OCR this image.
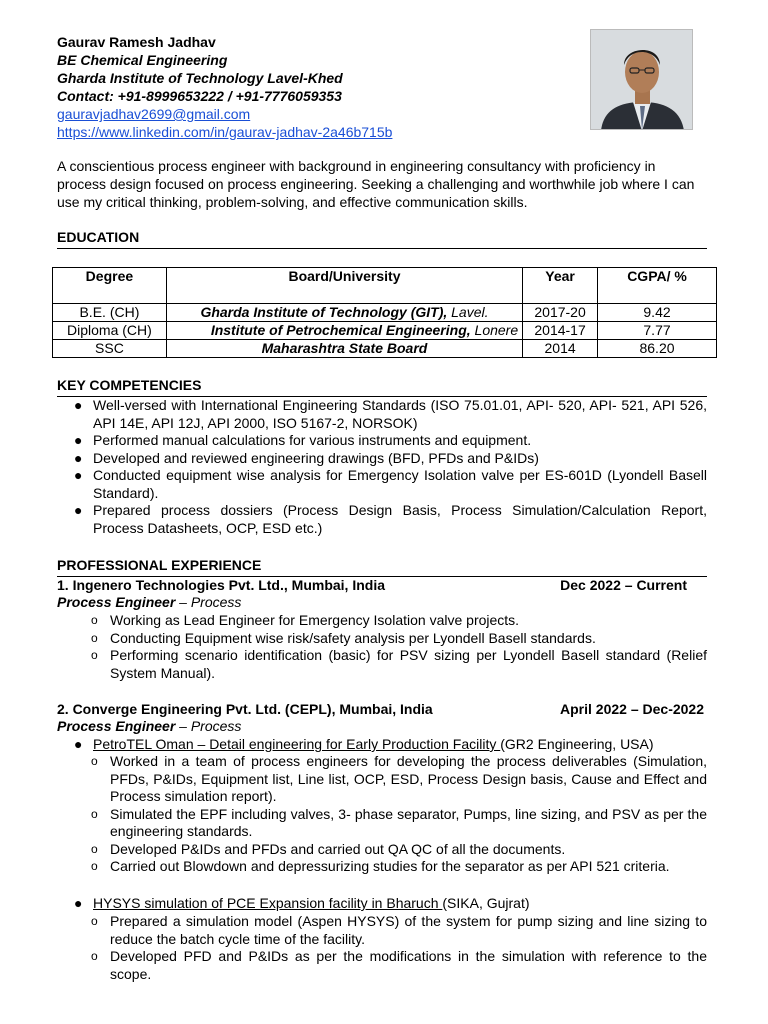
Gaurav Ramesh Jadhav
BE Chemical Engineering
Gharda Institute of Technology Lavel-Khed
Contact: +91-8999653222 / +91-7776059353
gauravjadhav2699@gmail.com
https://www.linkedin.com/in/gaurav-jadhav-2a46b715b

A conscientious process engineer with background in engineering consultancy with proficiency in process design focused on process engineering. Seeking a challenging and worthwhile job where I can use my critical thinking, problem-solving, and effective communication skills.

EDUCATION
Degree	Board/University	Year	CGPA/ %
B.E. (CH)	Gharda Institute of Technology (GIT), Lavel.	2017-20	9.42
Diploma (CH)	Institute of Petrochemical Engineering, Lonere	2014-17	7.77
SSC	Maharashtra State Board	2014	86.20
KEY COMPETENCIES
● Well-versed with International Engineering Standards (ISO 75.01.01, API- 520, API- 521, API 526, API 14E, API 12J, API 2000, ISO 5167-2, NORSOK)
● Performed manual calculations for various instruments and equipment.
● Developed and reviewed engineering drawings (BFD, PFDs and P&IDs)
● Conducted equipment wise analysis for Emergency Isolation valve per ES-601D (Lyondell Basell Standard).
● Prepared process dossiers (Process Design Basis, Process Simulation/Calculation Report, Process Datasheets, OCP, ESD etc.)
PROFESSIONAL EXPERIENCE
1. Ingenero Technologies Pvt. Ltd., Mumbai, India	Dec 2022 – Current
Process Engineer – Process
o Working as Lead Engineer for Emergency Isolation valve projects.
o Conducting Equipment wise risk/safety analysis per Lyondell Basell standards.
o Performing scenario identification (basic) for PSV sizing per Lyondell Basell standard (Relief System Manual).
2. Converge Engineering Pvt. Ltd. (CEPL), Mumbai, India	April 2022 – Dec-2022
Process Engineer – Process
● PetroTEL Oman – Detail engineering for Early Production Facility (GR2 Engineering, USA)
o Worked in a team of process engineers for developing the process deliverables (Simulation, PFDs, P&IDs, Equipment list, Line list, OCP, ESD, Process Design basis, Cause and Effect and Process simulation report).
o Simulated the EPF including valves, 3- phase separator, Pumps, line sizing, and PSV as per the engineering standards.
o Developed P&IDs and PFDs and carried out QA QC of all the documents.
o Carried out Blowdown and depressurizing studies for the separator as per API 521 criteria.
● HYSYS simulation of PCE Expansion facility in Bharuch (SIKA, Gujrat)
o Prepared a simulation model (Aspen HYSYS) of the system for pump sizing and line sizing to reduce the batch cycle time of the facility.
o Developed PFD and P&IDs as per the modifications in the simulation with reference to the scope.
